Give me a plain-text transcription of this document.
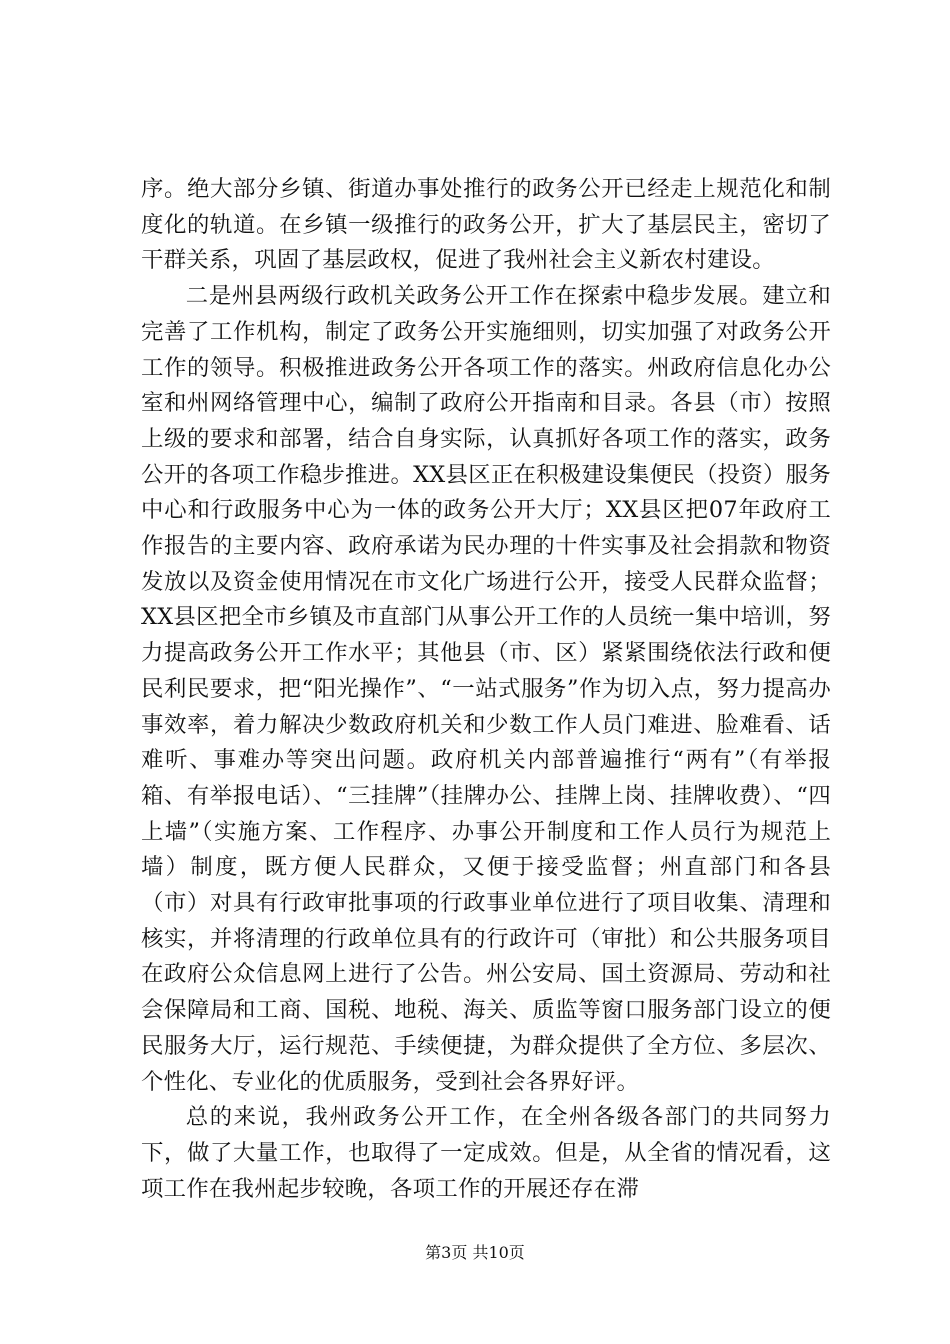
序。绝大部分乡镇、街道办事处推行的政务公开已经走上规范化和制度化的轨道。在乡镇一级推行的政务公开，扩大了基层民主，密切了干群关系，巩固了基层政权，促进了我州社会主义新农村建设。

二是州县两级行政机关政务公开工作在探索中稳步发展。建立和完善了工作机构，制定了政务公开实施细则，切实加强了对政务公开工作的领导。积极推进政务公开各项工作的落实。州政府信息化办公室和州网络管理中心，编制了政府公开指南和目录。各县（市）按照上级的要求和部署，结合自身实际，认真抓好各项工作的落实，政务公开的各项工作稳步推进。XX县区正在积极建设集便民（投资）服务中心和行政服务中心为一体的政务公开大厅；XX县区把07年政府工作报告的主要内容、政府承诺为民办理的十件实事及社会捐款和物资发放以及资金使用情况在市文化广场进行公开，接受人民群众监督；XX县区把全市乡镇及市直部门从事公开工作的人员统一集中培训，努力提高政务公开工作水平；其他县（市、区）紧紧围绕依法行政和便民利民要求，把“阳光操作”、“一站式服务”作为切入点，努力提高办事效率，着力解决少数政府机关和少数工作人员门难进、脸难看、话难听、事难办等突出问题。政府机关内部普遍推行“两有”（有举报箱、有举报电话）、“三挂牌”（挂牌办公、挂牌上岗、挂牌收费）、“四上墙”（实施方案、工作程序、办事公开制度和工作人员行为规范上墙）制度，既方便人民群众，又便于接受监督；州直部门和各县（市）对具有行政审批事项的行政事业单位进行了项目收集、清理和核实，并将清理的行政单位具有的行政许可（审批）和公共服务项目在政府公众信息网上进行了公告。州公安局、国土资源局、劳动和社会保障局和工商、国税、地税、海关、质监等窗口服务部门设立的便民服务大厅，运行规范、手续便捷，为群众提供了全方位、多层次、个性化、专业化的优质服务，受到社会各界好评。

总的来说，我州政务公开工作，在全州各级各部门的共同努力下，做了大量工作，也取得了一定成效。但是，从全省的情况看，这项工作在我州起步较晚，各项工作的开展还存在滞

第3页 共10页
